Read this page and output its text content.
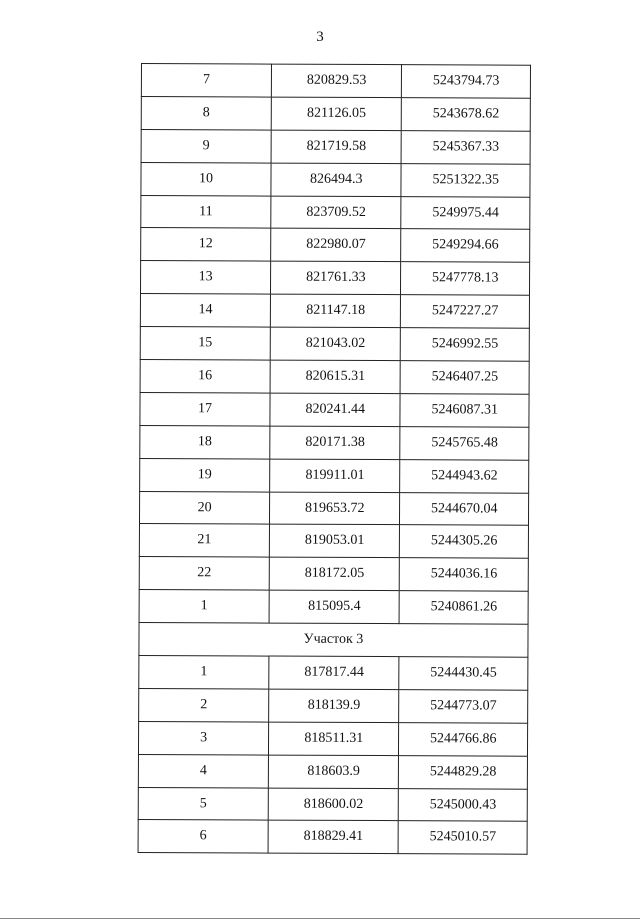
3
7	820829.53	5243794.73
8	821126.05	5243678.62
9	821719.58	5245367.33
10	826494.3	5251322.35
11	823709.52	5249975.44
12	822980.07	5249294.66
13	821761.33	5247778.13
14	821147.18	5247227.27
15	821043.02	5246992.55
16	820615.31	5246407.25
17	820241.44	5246087.31
18	820171.38	5245765.48
19	819911.01	5244943.62
20	819653.72	5244670.04
21	819053.01	5244305.26
22	818172.05	5244036.16
1	815095.4	5240861.26
Участок 3		
1	817817.44	5244430.45
2	818139.9	5244773.07
3	818511.31	5244766.86
4	818603.9	5244829.28
5	818600.02	5245000.43
6	818829.41	5245010.57
